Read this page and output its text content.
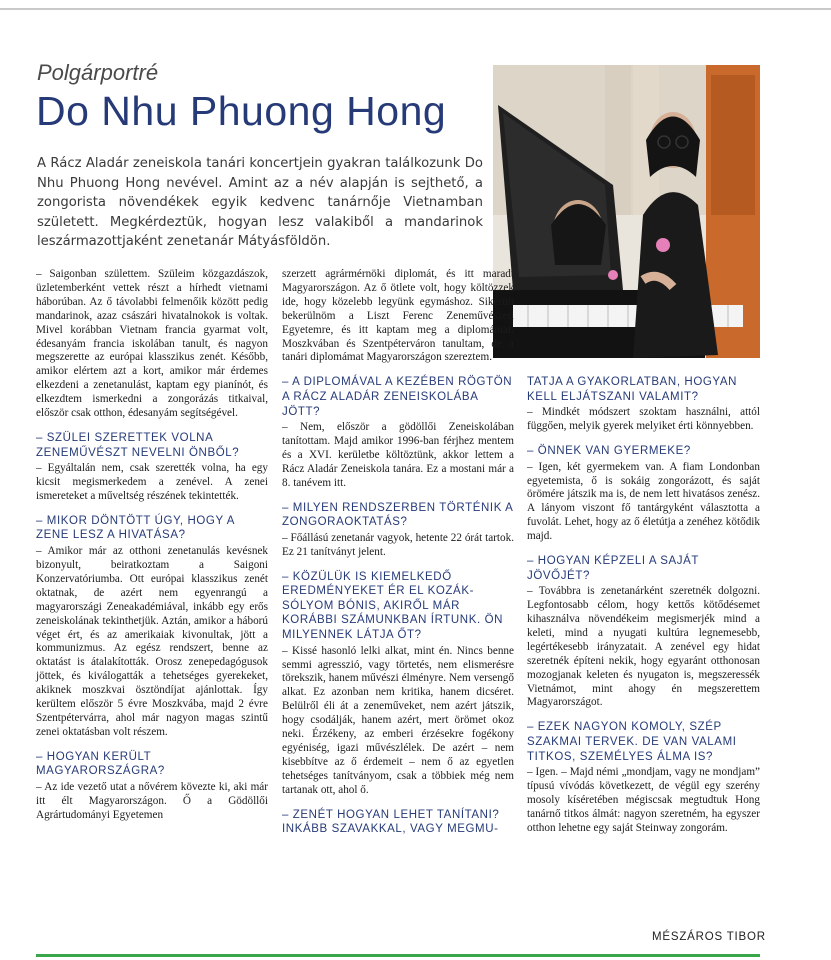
Polgárportré
Do Nhu Phuong Hong
A Rácz Aladár zeneiskola tanári koncertjein gyakran találkozunk Do Nhu Phuong Hong nevével. Amint az a név alapján is sejthető, a zongorista növendékek egyik kedvenc tanárnője Vietnamban született. Megkérdeztük, hogyan lesz valakiből a mandarinok leszármazottjaként zenetanár Mátyásföldön.

– Saigonban születtem. Szüleim közgazdászok, üzletemberként vettek részt a hírhedt vietnami háborúban. Az ő távolabbi felmenőik között pedig mandarinok, azaz császári hivatalnokok is voltak. Mivel korábban Vietnam francia gyarmat volt, édesanyám francia iskolában tanult, és nagyon megszerette az európai klasszikus zenét. Később, amikor elértem azt a kort, amikor már érdemes elkezdeni a zenetanulást, kaptam egy pianínót, és elkezdtem ismerkedni a zongorázás titkaival, először csak otthon, édesanyám segítségével.

– SZÜLEI SZERETTEK VOLNA ZENEMŰVÉSZT NEVELNI ÖNBŐL?

– Egyáltalán nem, csak szerették volna, ha egy kicsit megismerkedem a zenével. A zenei ismereteket a műveltség részének tekintették.

– MIKOR DÖNTÖTT ÚGY, HOGY A ZENE LESZ A HIVATÁSA?

– Amikor már az otthoni zenetanulás kevésnek bizonyult, beiratkoztam a Saigoni Konzervatóriumba. Ott európai klasszikus zenét oktatnak, de azért nem egyenrangú a magyarországi Zeneakadémiával, inkább egy erős zeneiskolának tekinthetjük. Aztán, amikor a háború véget ért, és az amerikaiak kivonultak, jött a kommunizmus. Az egész rendszert, benne az oktatást is átalakították. Orosz zenepedagógusok jöttek, és kiválogatták a tehetséges gyerekeket, akiknek moszkvai ösztöndíjat ajánlottak. Így kerültem először 5 évre Moszkvába, majd 2 évre Szentpétervárra, ahol már nagyon magas szintű zenei oktatásban volt részem.

– HOGYAN KERÜLT MAGYARORSZÁGRA?

– Az ide vezető utat a nővérem kövezte ki, aki már itt élt Magyarországon. Ő a Gödöllői Agrártudományi Egyetemen

szerzett agrármérnöki diplomát, és itt maradt Magyarországon. Az ő ötlete volt, hogy költözzek ide, hogy közelebb legyünk egymáshoz. Sikerült bekerülnöm a Liszt Ferenc Zeneművészeti Egyetemre, és itt kaptam meg a diplomámat. Moszkvában és Szentpéterváron tanultam, de a tanári diplomámat Magyarországon szereztem.

– A DIPLOMÁVAL A KEZÉBEN RÖGTÖN A RÁCZ ALADÁR ZENEISKOLÁBA JÖTT?

– Nem, először a gödöllői Zeneiskolában tanítottam. Majd amikor 1996-ban férjhez mentem és a XVI. kerületbe költöztünk, akkor lettem a Rácz Aladár Zeneiskola tanára. Ez a mostani már a 8. tanévem itt.

– MILYEN RENDSZERBEN TÖRTÉNIK A ZONGORAOKTATÁS?

– Főállású zenetanár vagyok, hetente 22 órát tartok. Ez 21 tanítványt jelent.

– KÖZÜLÜK IS KIEMELKEDŐ EREDMÉNYEKET ÉR EL KOZÁK-SÓLYOM BÓNIS, AKIRŐL MÁR KORÁBBI SZÁMUNKBAN ÍRTUNK. ÖN MILYENNEK LÁTJA ŐT?

– Kissé hasonló lelki alkat, mint én. Nincs benne semmi agresszió, vagy törtetés, nem elismerésre törekszik, hanem művészi élményre. Nem versengő alkat. Ez azonban nem kritika, hanem dicséret. Belülről éli át a zeneműveket, nem azért játszik, hogy csodálják, hanem azért, mert örömet okoz neki. Érzékeny, az emberi érzésekre fogékony egyéniség, igazi művészlélek. De azért – nem kisebbítve az ő érdemeit – nem ő az egyetlen tehetséges tanítványom, csak a többiek még nem tartanak ott, ahol ő.

– ZENÉT HOGYAN LEHET TANÍTANI? INKÁBB SZAVAKKAL, VAGY MEGMU-
TATJA A GYAKORLATBAN, HOGYAN KELL ELJÁTSZANI VALAMIT?

– Mindkét módszert szoktam használni, attól függően, melyik gyerek melyiket érti könnyebben.

– ÖNNEK VAN GYERMEKE?

– Igen, két gyermekem van. A fiam Londonban egyetemista, ő is sokáig zongorázott, és saját örömére játszik ma is, de nem lett hivatásos zenész. A lányom viszont fő tantárgyként választotta a fuvolát. Lehet, hogy az ő életútja a zenéhez kötődik majd.

– HOGYAN KÉPZELI A SAJÁT JÖVŐJÉT?

– Továbbra is zenetanárként szeretnék dolgozni. Legfontosabb célom, hogy kettős kötődésemet kihasználva növendékeim megismerjék mind a keleti, mind a nyugati kultúra legnemesebb, legértékesebb irányzatait. A zenével egy hidat szeretnék építeni nekik, hogy egyaránt otthonosan mozogjanak keleten és nyugaton is, megszeressék Vietnámot, mint ahogy én megszerettem Magyarországot.

– EZEK NAGYON KOMOLY, SZÉP SZAKMAI TERVEK. DE VAN VALAMI TITKOS, SZEMÉLYES ÁLMA IS?

– Igen. – Majd némi „mondjam, vagy ne mondjam” típusú vívódás következett, de végül egy szerény mosoly kíséretében mégiscsak megtudtuk Hong tanárnő titkos álmát: nagyon szeretném, ha egyszer otthon lehetne egy saját Steinway zongorám.

MÉSZÁROS TIBOR
